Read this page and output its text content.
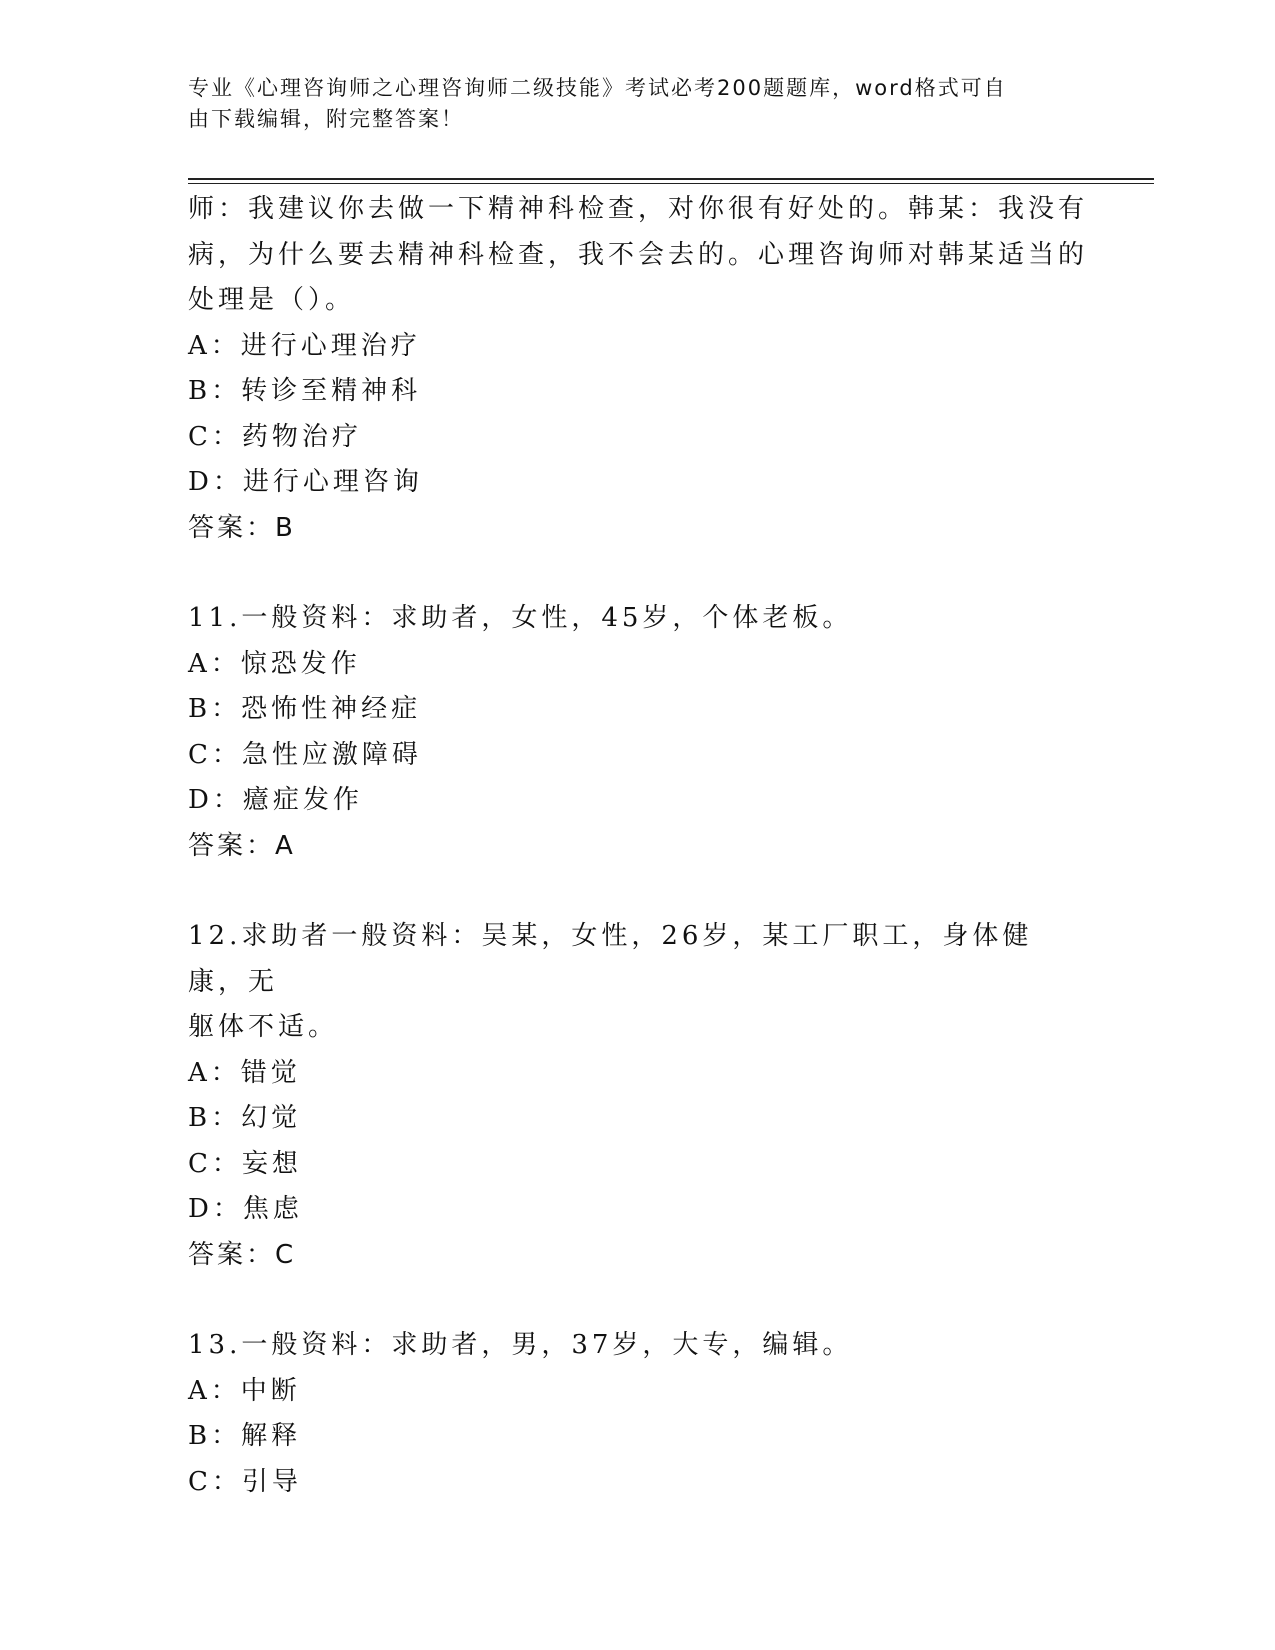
专业《心理咨询师之心理咨询师二级技能》考试必考200题题库，word格式可自
由下载编辑，附完整答案！

师：我建议你去做一下精神科检查，对你很有好处的。韩某：我没有

病，为什么要去精神科检查，我不会去的。心理咨询师对韩某适当的

处理是（）。

A：进行心理治疗

B：转诊至精神科

C：药物治疗

D：进行心理咨询

答案：B

11.一般资料：求助者，女性，45岁，个体老板。

A：惊恐发作

B：恐怖性神经症

C：急性应激障碍

D：癔症发作

答案：A

12.求助者一般资料：吴某，女性，26岁，某工厂职工，身体健康，无

躯体不适。

A：错觉

B：幻觉

C：妄想

D：焦虑

答案：C

13.一般资料：求助者，男，37岁，大专，编辑。

A：中断

B：解释

C：引导
